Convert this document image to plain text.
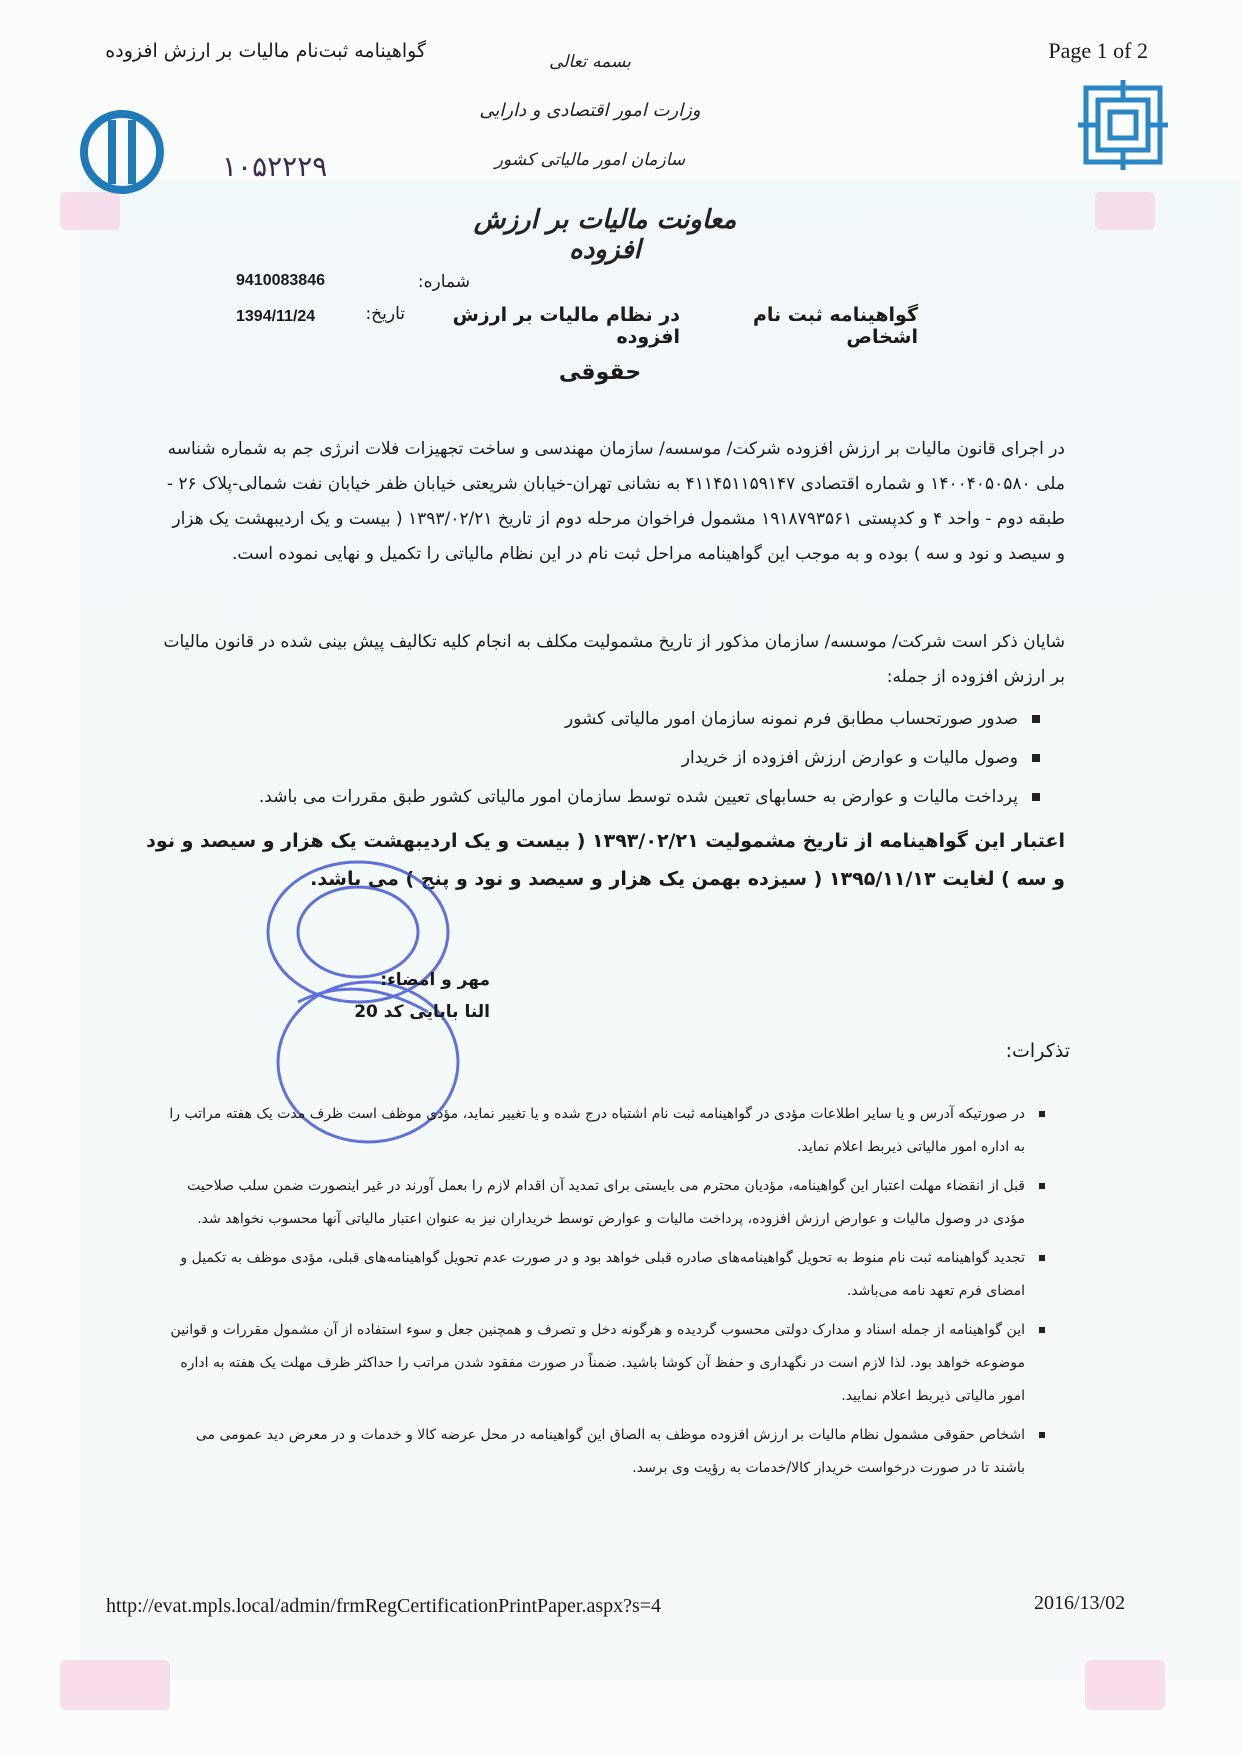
Page 1 of 2
گواهینامه ثبت‌نام مالیات بر ارزش افزوده
۱۰۵۲۲۲۹
بسمه تعالی
وزارت امور اقتصادی و دارایی
سازمان امور مالیاتی کشور
معاونت مالیات بر ارزش افزوده
شماره:
9410083846
گواهینامه ثبت نام اشخاص
در نظام مالیات بر ارزش افزوده
تاریخ:
1394/11/24
حقوقی
در اجرای قانون مالیات بر ارزش افزوده شرکت/ موسسه/ سازمان مهندسی و ساخت تجهیزات فلات انرژی جم به شماره شناسه ملی ۱۴۰۰۴۰۵۰۵۸۰ و شماره اقتصادی ۴۱۱۴۵۱۱۵۹۱۴۷ به نشانی تهران-خیابان شریعتی خیابان ظفر خیابان نفت شمالی-پلاک ۲۶ - طبقه دوم - واحد ۴ و کدپستی ۱۹۱۸۷۹۳۵۶۱ مشمول فراخوان مرحله دوم از تاریخ ۱۳۹۳/۰۲/۲۱ ( بیست و یک اردیبهشت یک هزار و سیصد و نود و سه ) بوده و به موجب این گواهینامه مراحل ثبت نام در این نظام مالیاتی را تکمیل و نهایی نموده است.
شایان ذکر است شرکت/ موسسه/ سازمان مذکور از تاریخ مشمولیت مکلف به انجام کلیه تکالیف پیش بینی شده در قانون مالیات بر ارزش افزوده از جمله:
صدور صورتحساب مطابق فرم نمونه سازمان امور مالیاتی کشور
وصول مالیات و عوارض ارزش افزوده از خریدار
پرداخت مالیات و عوارض به حسابهای تعیین شده توسط سازمان امور مالیاتی کشور طبق مقررات می باشد.
اعتبار این گواهینامه از تاریخ مشمولیت ۱۳۹۳/۰۲/۲۱ ( بیست و یک اردیبهشت یک هزار و سیصد و نود و سه ) لغایت ۱۳۹۵/۱۱/۱۳ ( سیزده بهمن یک هزار و سیصد و نود و پنج ) می باشد.
مهر و امضاء:
النا بابایی کد 20
تذکرات:
در صورتیکه آدرس و یا سایر اطلاعات مؤدی در گواهینامه ثبت نام اشتباه درج شده و یا تغییر نماید، مؤدی موظف است ظرف مدت یک هفته مراتب را به اداره امور مالیاتی ذیربط اعلام نماید.
قبل از انقضاء مهلت اعتبار این گواهینامه، مؤدیان محترم می بایستی برای تمدید آن اقدام لازم را بعمل آورند در غیر اینصورت ضمن سلب صلاحیت مؤدی در وصول مالیات و عوارض ارزش افزوده، پرداخت مالیات و عوارض توسط خریداران نیز به عنوان اعتبار مالیاتی آنها محسوب نخواهد شد.
تجدید گواهینامه ثبت نام منوط به تحویل گواهینامه‌های صادره قبلی خواهد بود و در صورت عدم تحویل گواهینامه‌های قبلی، مؤدی موظف به تکمیل و امضای فرم تعهد نامه می‌باشد.
این گواهینامه از جمله اسناد و مدارک دولتی محسوب گردیده و هرگونه دخل و تصرف و همچنین جعل و سوء استفاده از آن مشمول مقررات و قوانین موضوعه خواهد بود. لذا لازم است در نگهداری و حفظ آن کوشا باشید. ضمناً در صورت مفقود شدن مراتب را حداکثر ظرف مهلت یک هفته به اداره امور مالیاتی ذیربط اعلام نمایید.
اشخاص حقوقی مشمول نظام مالیات بر ارزش افزوده موظف به الصاق این گواهینامه در محل عرضه کالا و خدمات و در معرض دید عمومی می باشند تا در صورت درخواست خریدار کالا/خدمات به رؤیت وی برسد.
http://evat.mpls.local/admin/frmRegCertificationPrintPaper.aspx?s=4	2016/13/02
